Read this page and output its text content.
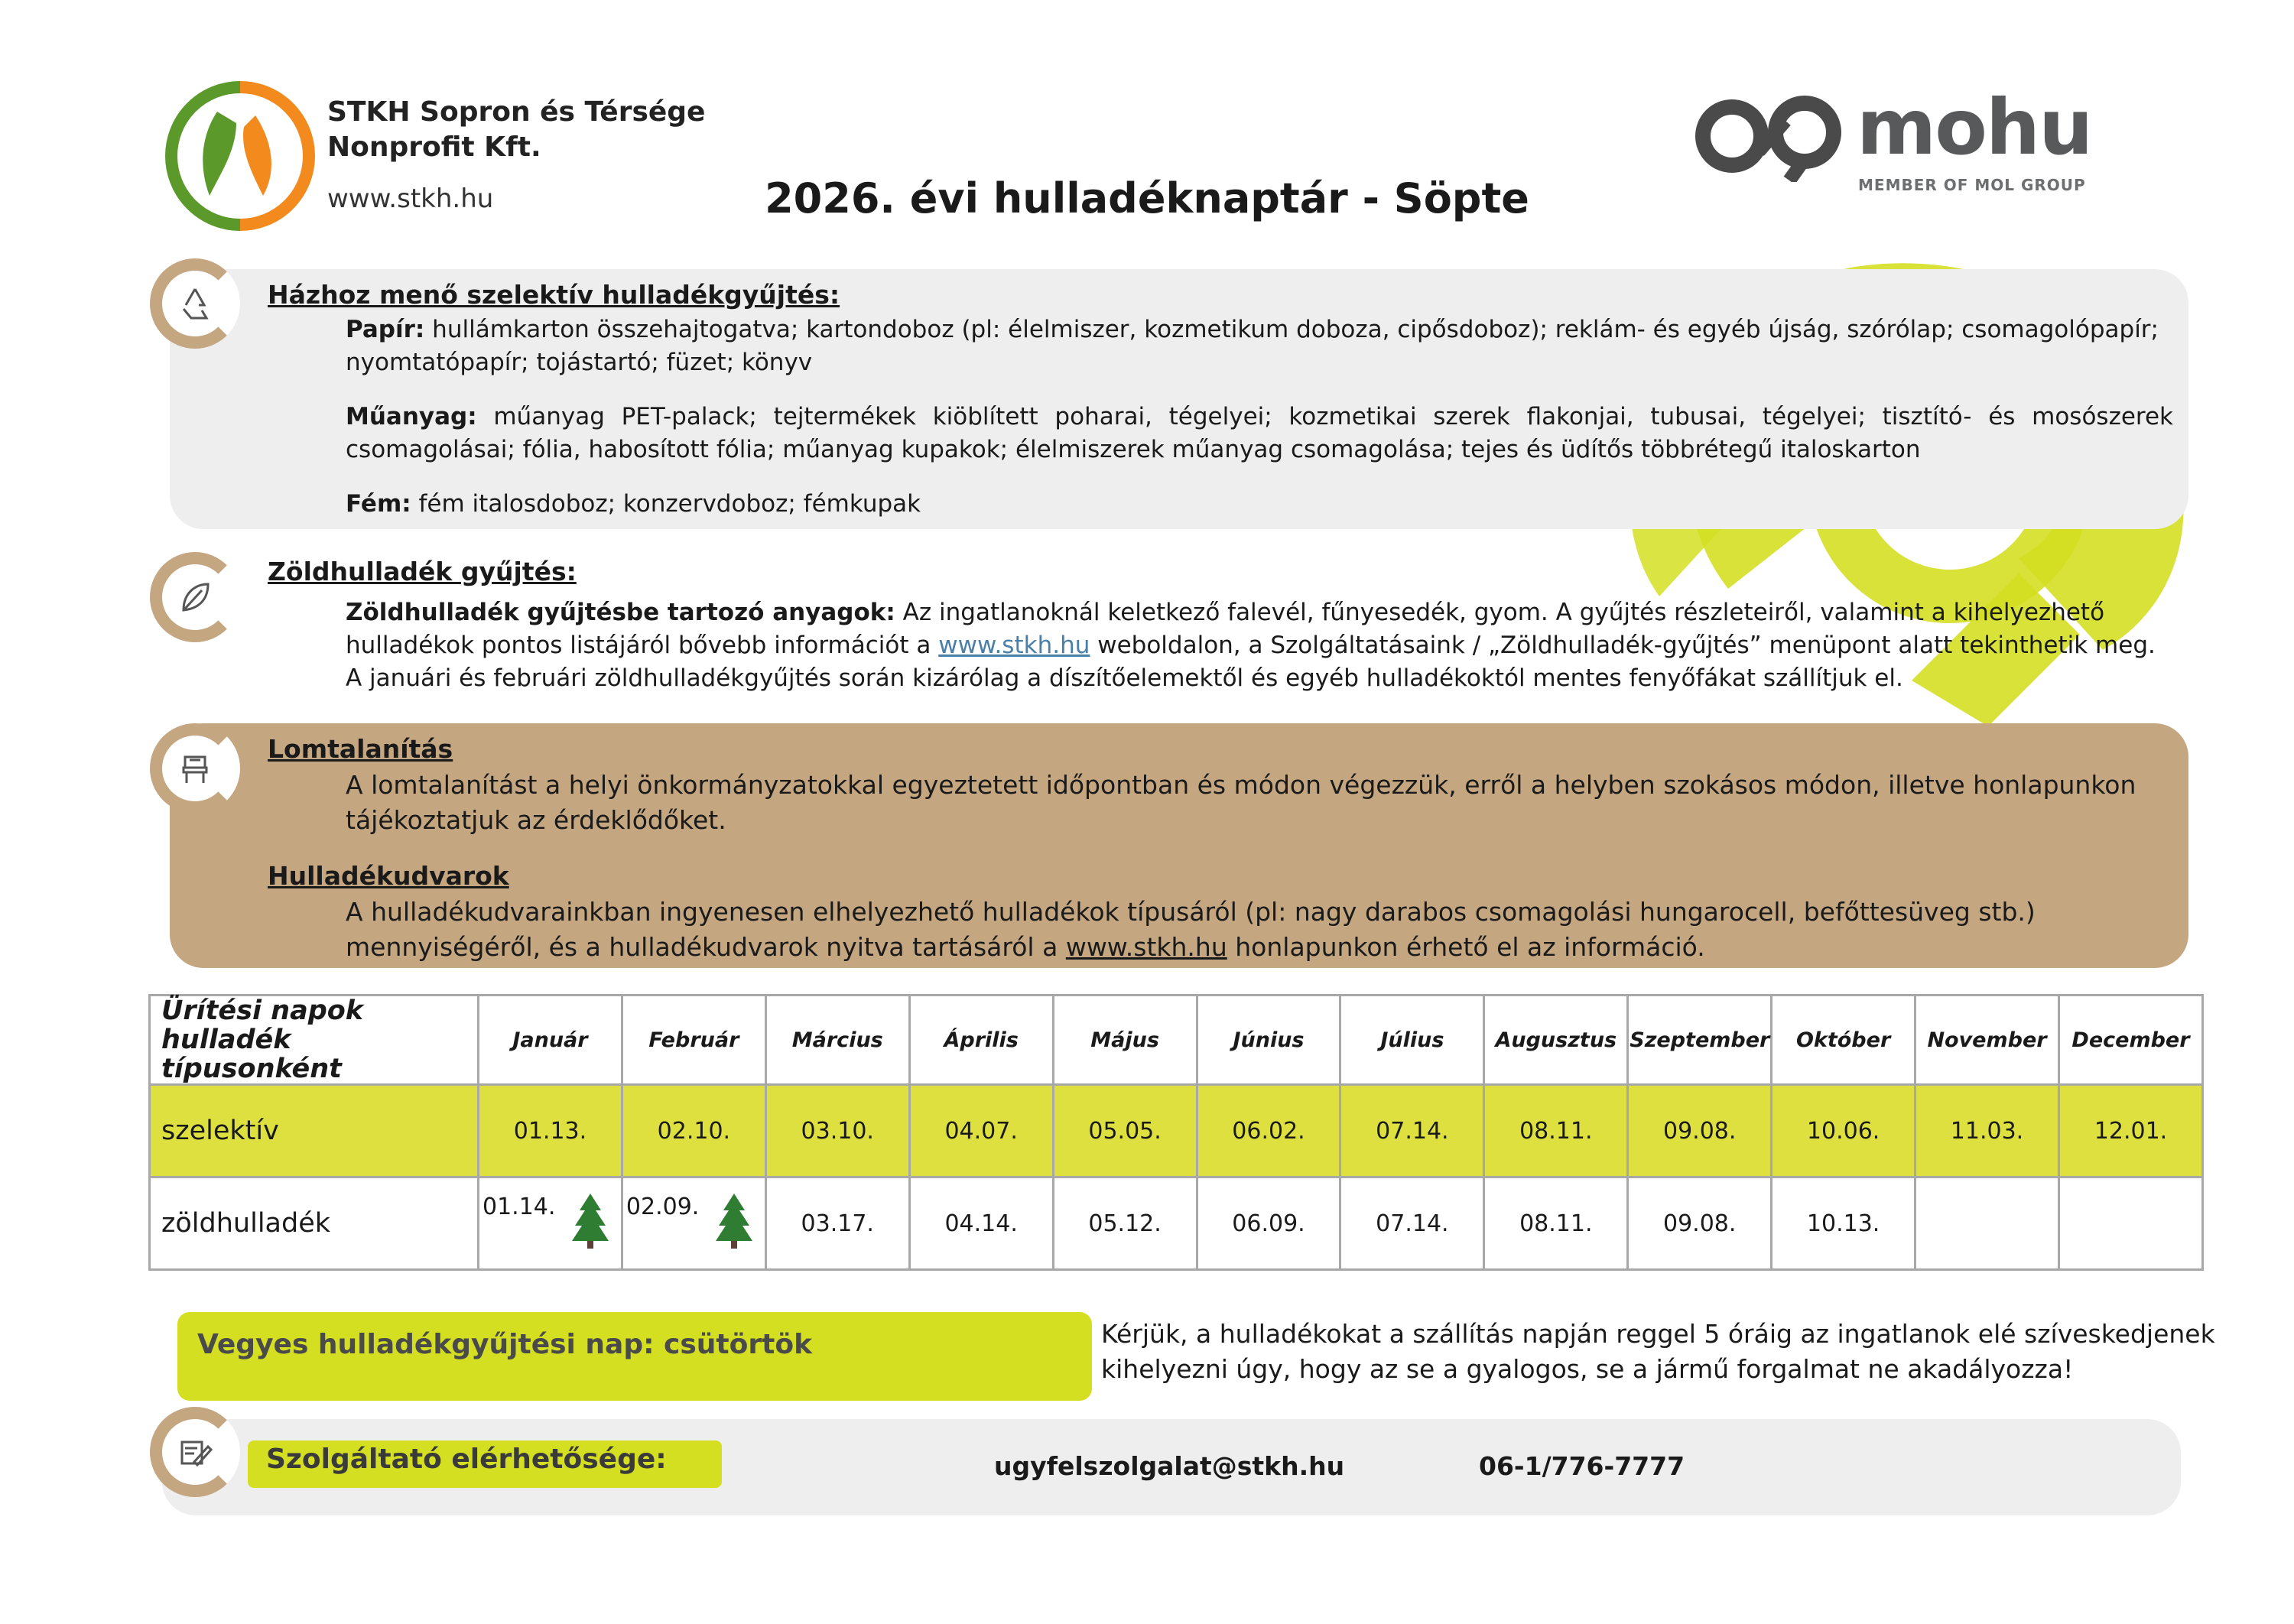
STKH Sopron és Térsége Nonprofit Kft.
www.stkh.hu	2026. évi hulladéknaptár - Söpte
mohu
MEMBER OF MOL GROUP
Házhoz menő szelektív hulladékgyűjtés:
Papír: hullámkarton összehajtogatva; kartondoboz (pl: élelmiszer, kozmetikum doboza, cipősdoboz); reklám- és egyéb újság, szórólap; csomagolópapír; nyomtatópapír; tojástartó; füzet; könyv
Műanyag: műanyag PET-palack; tejtermékek kiöblített poharai, tégelyei; kozmetikai szerek flakonjai, tubusai, tégelyei; tisztító- és mosószerek csomagolásai; fólia, habosított fólia; műanyag kupakok; élelmiszerek műanyag csomagolása; tejes és üdítős többrétegű italoskarton
Fém: fém italosdoboz; konzervdoboz; fémkupak
Zöldhulladék gyűjtés:
Zöldhulladék gyűjtésbe tartozó anyagok: Az ingatlanoknál keletkező falevél, fűnyesedék, gyom. A gyűjtés részleteiről, valamint a kihelyezhető hulladékok pontos listájáról bővebb információt a www.stkh.hu weboldalon, a Szolgáltatásaink / „Zöldhulladék-gyűjtés” menüpont alatt tekinthetik meg.
A januári és februári zöldhulladékgyűjtés során kizárólag a díszítőelemektől és egyéb hulladékoktól mentes fenyőfákat szállítjuk el.
Lomtalanítás
A lomtalanítást a helyi önkormányzatokkal egyeztetett időpontban és módon végezzük, erről a helyben szokásos módon, illetve honlapunkon tájékoztatjuk az érdeklődőket.
Hulladékudvarok
A hulladékudvarainkban ingyenesen elhelyezhető hulladékok típusáról (pl: nagy darabos csomagolási hungarocell, befőttesüveg stb.) mennyiségéről, és a hulladékudvarok nyitva tartásáról a www.stkh.hu honlapunkon érhető el az információ.
Ürítési napok hulladék típusonként	Január	Február	Március	Április	Május	Június	Július	Augusztus	Szeptember	Október	November	December
szelektív	01.13.	02.10.	03.10.	04.07.	05.05.	06.02.	07.14.	08.11.	09.08.	10.06.	11.03.	12.01.
zöldhulladék	01.14.	02.09.	03.17.	04.14.	05.12.	06.09.	07.14.	08.11.	09.08.	10.13.		
Vegyes hulladékgyűjtési nap: csütörtök	Kérjük, a hulladékokat a szállítás napján reggel 5 óráig az ingatlanok elé szíveskedjenek kihelyezni úgy, hogy az se a gyalogos, se a jármű forgalmat ne akadályozza!
Szolgáltató elérhetősége:	ugyfelszolgalat@stkh.hu	06-1/776-7777
